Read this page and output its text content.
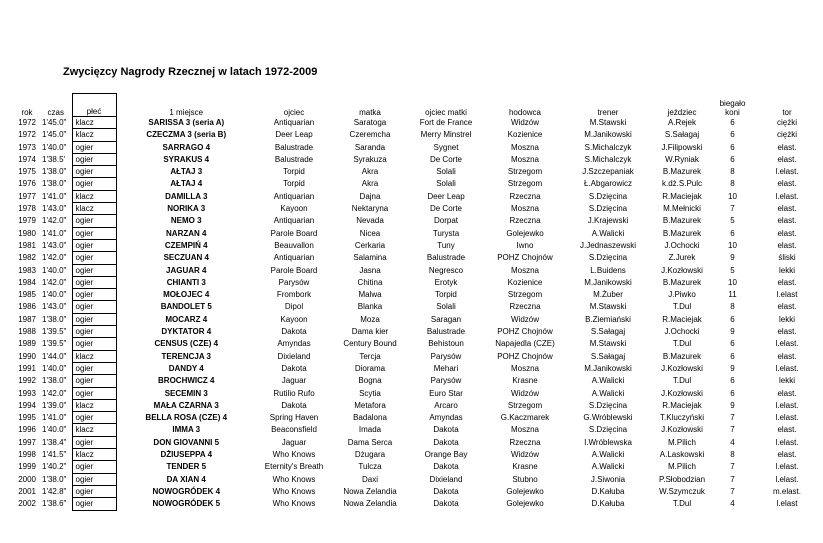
Zwycięzcy Nagrody Rzecznej w latach 1972-2009
rok	czas	płeć	1 miejsce	ojciec	matka	ojciec matki	hodowca	trener	jeździec	biegało koni	tor
1972	1'45.0"	klacz	SARISSA 3 (seria A)	Antiquarian	Saratoga	Fort de France	Widzów	M.Stawski	A.Rejek	6	ciężki
1972	1'45.0"	klacz	CZECZMA 3 (seria B)	Deer Leap	Czeremcha	Merry Minstrel	Kozienice	M.Janikowski	S.Sałagaj	6	ciężki
1973	1'40.0"	ogier	SARRAGO 4	Balustrade	Saranda	Sygnet	Moszna	S.Michalczyk	J.Filipowski	6	elast.
1974	1'38.5'	ogier	SYRAKUS 4	Balustrade	Syrakuza	De Corte	Moszna	S.Michalczyk	W.Ryniak	6	elast.
1975	1'38.0"	ogier	AŁTAJ 3	Torpid	Akra	Solali	Strzegom	J.Szczepaniak	B.Mazurek	8	l.elast.
1976	1'38.0"	ogier	AŁTAJ 4	Torpid	Akra	Solali	Strzegom	Ł.Abgarowicz	k.dż.S.Pulc	8	elast.
1977	1'41.0"	klacz	DAMILLA 3	Antiquarian	Dajna	Deer Leap	Rzeczna	S.Dzięcina	R.Maciejak	10	l.elast.
1978	1'43.0"	klacz	NORIKA 3	Kayoon	Nektaryna	De Corte	Moszna	S.Dzięcina	M.Mełnicki	7	elast.
1979	1'42.0"	ogier	NEMO 3	Antiquarian	Nevada	Dorpat	Rzeczna	J.Krajewski	B.Mazurek	5	elast.
1980	1'41.0"	ogier	NARZAN 4	Parole Board	Nicea	Turysta	Golejewko	A.Walicki	B.Mazurek	6	elast.
1981	1'43.0"	ogier	CZEMPIŃ 4	Beauvallon	Cerkaria	Tuny	Iwno	J.Jednaszewski	J.Ochocki	10	elast.
1982	1'42.0"	ogier	SECZUAN 4	Antiquarian	Salamina	Balustrade	POHZ Chojnów	S.Dzięcina	Z.Jurek	9	śliski
1983	1'40.0"	ogier	JAGUAR 4	Parole Board	Jasna	Negresco	Moszna	L.Buidens	J.Kozłowski	5	lekki
1984	1'42.0"	ogier	CHIANTI 3	Parysów	Chitina	Erotyk	Kozienice	M.Janikowski	B.Mazurek	10	elast.
1985	1'40.0"	ogier	MOŁOJEC 4	Frombork	Malwa	Torpid	Strzegom	M.Żuber	J.Piwko	11	l.elast
1986	1'43.0"	ogier	BANDOLET 5	Dipol	Blanka	Solali	Rzeczna	M.Stawski	T.Dul	8	elast.
1987	1'38.0"	ogier	MOCARZ 4	Kayoon	Moza	Saragan	Widzów	B.Ziemiański	R.Maciejak	6	lekki
1988	1'39.5"	ogier	DYKTATOR 4	Dakota	Dama kier	Balustrade	POHZ Chojnów	S.Sałagaj	J.Ochocki	9	elast.
1989	1'39.5"	ogier	CENSUS (CZE) 4	Amyndas	Century Bound	Behistoun	Napajedla (CZE)	M.Stawski	T.Dul	6	l.elast.
1990	1'44.0"	klacz	TERENCJA 3	Dixieland	Tercja	Parysów	POHZ Chojnów	S.Sałagaj	B.Mazurek	6	elast.
1991	1'40.0"	ogier	DANDY 4	Dakota	Diorama	Mehari	Moszna	M.Janikowski	J.Kozłowski	9	l.elast.
1992	1'38.0"	ogier	BROCHWICZ 4	Jaguar	Bogna	Parysów	Krasne	A.Walicki	T.Dul	6	lekki
1993	1'42.0"	ogier	SECEMIN 3	Rutilio Rufo	Scytia	Euro Star	Widzów	A.Walicki	J.Kozłowski	6	elast.
1994	1'39.0"	klacz	MAŁA CZARNA 3	Dakota	Metafora	Arcaro	Strzegom	S.Dzięcina	R.Maciejak	9	l.elast.
1995	1'41.0"	ogier	BELLA ROSA (CZE) 4	Spring Haven	Badalona	Amyndas	G.Kaczmarek	G.Wróblewski	T.Kluczyński	7	l.elast.
1996	1'40.0"	klacz	IMMA 3	Beaconsfield	Imada	Dakota	Moszna	S.Dzięcina	J.Kozłowski	7	elast.
1997	1'38.4"	ogier	DON GIOVANNI 5	Jaguar	Dama Serca	Dakota	Rzeczna	I.Wróblewska	M.Pilich	4	l.elast.
1998	1'41.5"	klacz	DŻIUSEPPA 4	Who Knows	Dżugara	Orange Bay	Widzów	A.Walicki	A.Laskowski	8	elast.
1999	1'40.2"	ogier	TENDER 5	Eternity's Breath	Tulcza	Dakota	Krasne	A.Walicki	M.Pilich	7	l.elast.
2000	1'38.0"	ogier	DA XIAN 4	Who Knows	Daxi	Dixieland	Stubno	J.Siwonia	P.Słobodzian	7	l.elast.
2001	1'42.8"	ogier	NOWOGRÓDEK 4	Who Knows	Nowa Zelandia	Dakota	Golejewko	D.Kałuba	W.Szymczuk	7	m.elast.
2002	1'38.6"	ogier	NOWOGRÓDEK 5	Who Knows	Nowa Zelandia	Dakota	Golejewko	D.Kałuba	T.Dul	4	l.elast
